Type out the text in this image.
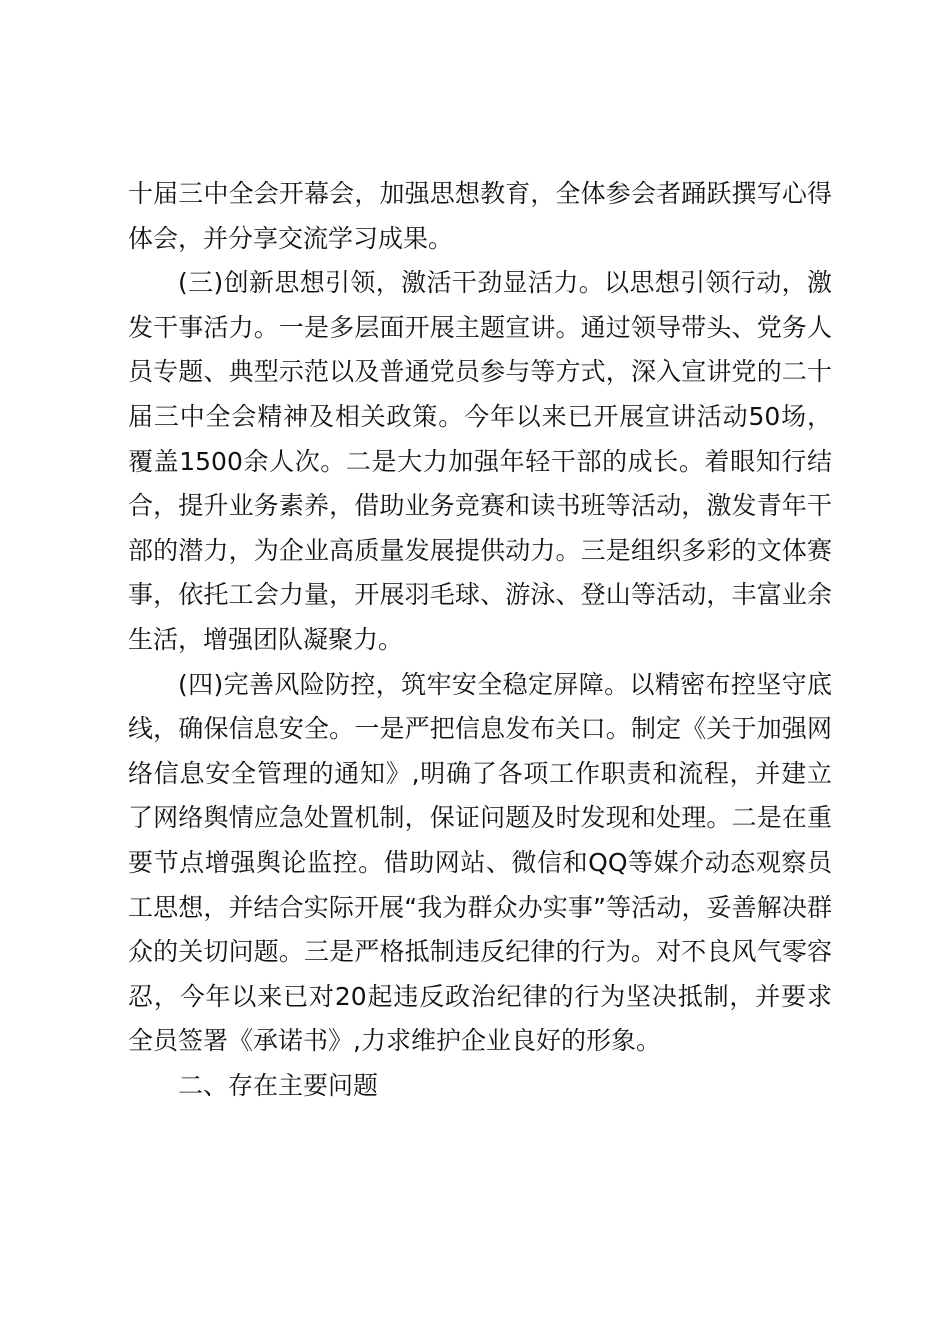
十届三中全会开幕会，加强思想教育，全体参会者踊跃撰写心得体会，并分享交流学习成果。

(三)创新思想引领，激活干劲显活力。以思想引领行动，激发干事活力。一是多层面开展主题宣讲。通过领导带头、党务人员专题、典型示范以及普通党员参与等方式，深入宣讲党的二十届三中全会精神及相关政策。今年以来已开展宣讲活动50场，覆盖1500余人次。二是大力加强年轻干部的成长。着眼知行结合，提升业务素养，借助业务竞赛和读书班等活动，激发青年干部的潜力，为企业高质量发展提供动力。三是组织多彩的文体赛事，依托工会力量，开展羽毛球、游泳、登山等活动，丰富业余生活，增强团队凝聚力。

(四)完善风险防控，筑牢安全稳定屏障。以精密布控坚守底线，确保信息安全。一是严把信息发布关口。制定《关于加强网络信息安全管理的通知》,明确了各项工作职责和流程，并建立了网络舆情应急处置机制，保证问题及时发现和处理。二是在重要节点增强舆论监控。借助网站、微信和QQ等媒介动态观察员工思想，并结合实际开展“我为群众办实事”等活动，妥善解决群众的关切问题。三是严格抵制违反纪律的行为。对不良风气零容忍，今年以来已对20起违反政治纪律的行为坚决抵制，并要求全员签署《承诺书》,力求维护企业良好的形象。

二、存在主要问题
